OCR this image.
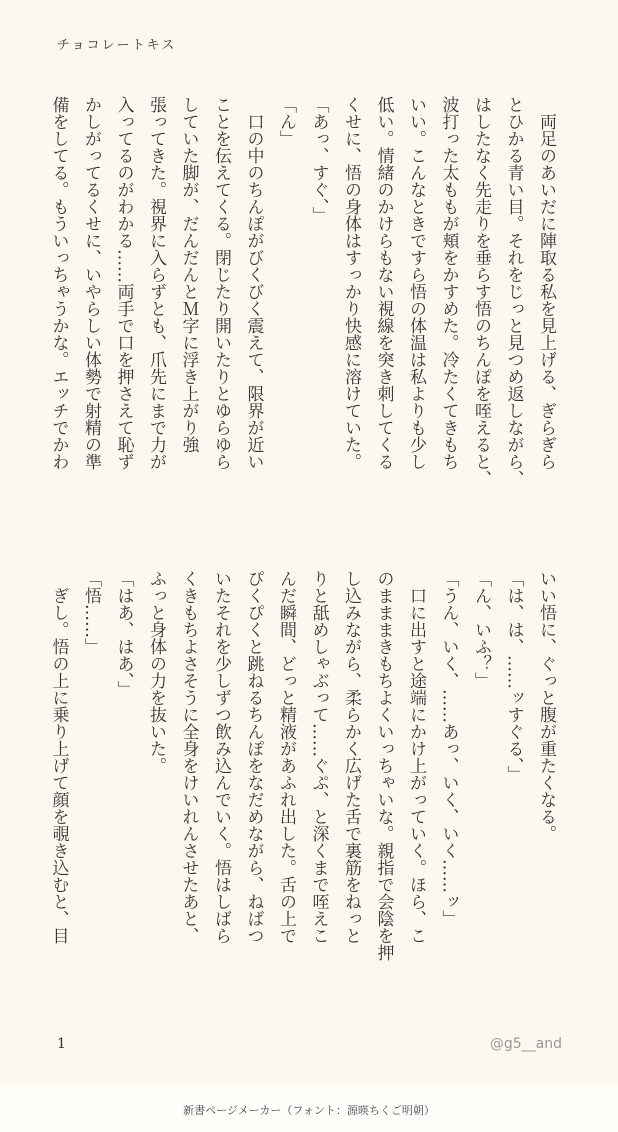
チョコレートキス
　両足のあいだに陣取る私を見上げる、ぎらぎら
とひかる青い目。それをじっと見つめ返しながら、
はしたなく先走りを垂らす悟のちんぽを咥えると、
波打った太ももが頬をかすめた。冷たくてきもち
いい。こんなときですら悟の体温は私よりも少し
低い。情緒のかけらもない視線を突き刺してくる
くせに、悟の身体はすっかり快感に溶けていた。
「あっ、すぐ、」
「ん」
　口の中のちんぽがびくびく震えて、限界が近い
ことを伝えてくる。閉じたり開いたりとゆらゆら
していた脚が、だんだんとＭ字に浮き上がり強
張ってきた。視界に入らずとも、爪先にまで力が
入ってるのがわかる……両手で口を押さえて恥ず
かしがってるくせに、いやらしい体勢で射精の準
備をしてる。もういっちゃうかな。エッチでかわ
いい悟に、ぐっと腹が重たくなる。
「は、は、……ッすぐる、」
「ん、いふ？」
「うん、いく、……あっ、いく、いく……ッ」
　口に出すと途端にかけ上がっていく。ほら、こ
のまままきもちよくいっちゃいな。親指で会陰を押
し込みながら、柔らかく広げた舌で裏筋をねっと
りと舐めしゃぶって……ぐぷ、と深くまで咥えこ
んだ瞬間、どっと精液があふれ出した。舌の上で
ぴくぴくと跳ねるちんぽをなだめながら、ねばつ
いたそれを少しずつ飲み込んでいく。悟はしばら
くきもちよさそうに全身をけいれんさせたあと、
ふっと身体の力を抜いた。
「はあ、はあ、」
「悟……」
　ぎし。悟の上に乗り上げて顔を覗き込むと、目
1	@g5__and
新書ページメーカー（フォント：源暎ちくご明朝）
